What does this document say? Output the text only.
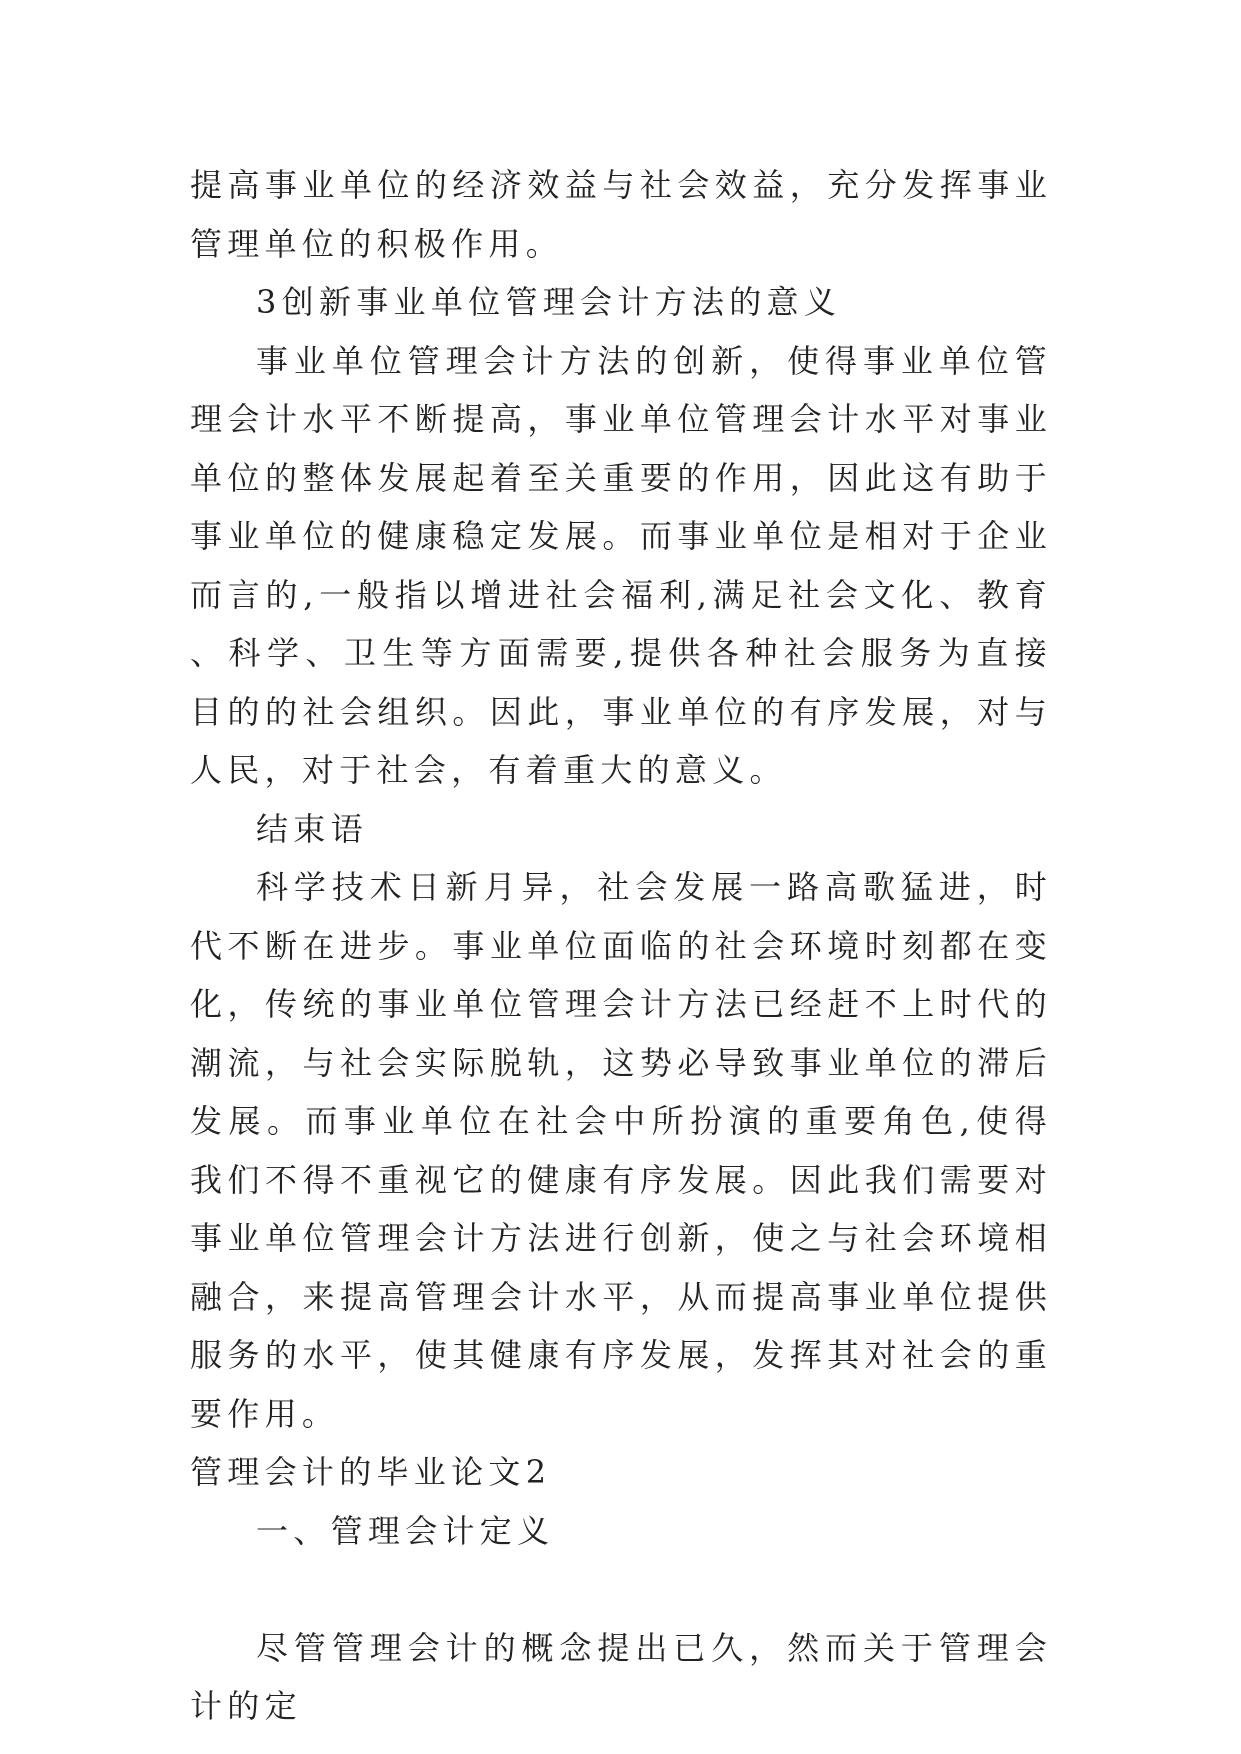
提高事业单位的经济效益与社会效益，充分发挥事业管理单位的积极作用。

3创新事业单位管理会计方法的意义

事业单位管理会计方法的创新，使得事业单位管理会计水平不断提高，事业单位管理会计水平对事业单位的整体发展起着至关重要的作用，因此这有助于事业单位的健康稳定发展。而事业单位是相对于企业而言的,一般指以增进社会福利,满足社会文化、教育、科学、卫生等方面需要,提供各种社会服务为直接目的的社会组织。因此，事业单位的有序发展，对与人民，对于社会，有着重大的意义。

结束语

科学技术日新月异，社会发展一路高歌猛进，时代不断在进步。事业单位面临的社会环境时刻都在变化，传统的事业单位管理会计方法已经赶不上时代的潮流，与社会实际脱轨，这势必导致事业单位的滞后发展。而事业单位在社会中所扮演的重要角色,使得我们不得不重视它的健康有序发展。因此我们需要对事业单位管理会计方法进行创新，使之与社会环境相融合，来提高管理会计水平，从而提高事业单位提供服务的水平，使其健康有序发展，发挥其对社会的重要作用。

管理会计的毕业论文2

一、管理会计定义

尽管管理会计的概念提出已久，然而关于管理会计的定
